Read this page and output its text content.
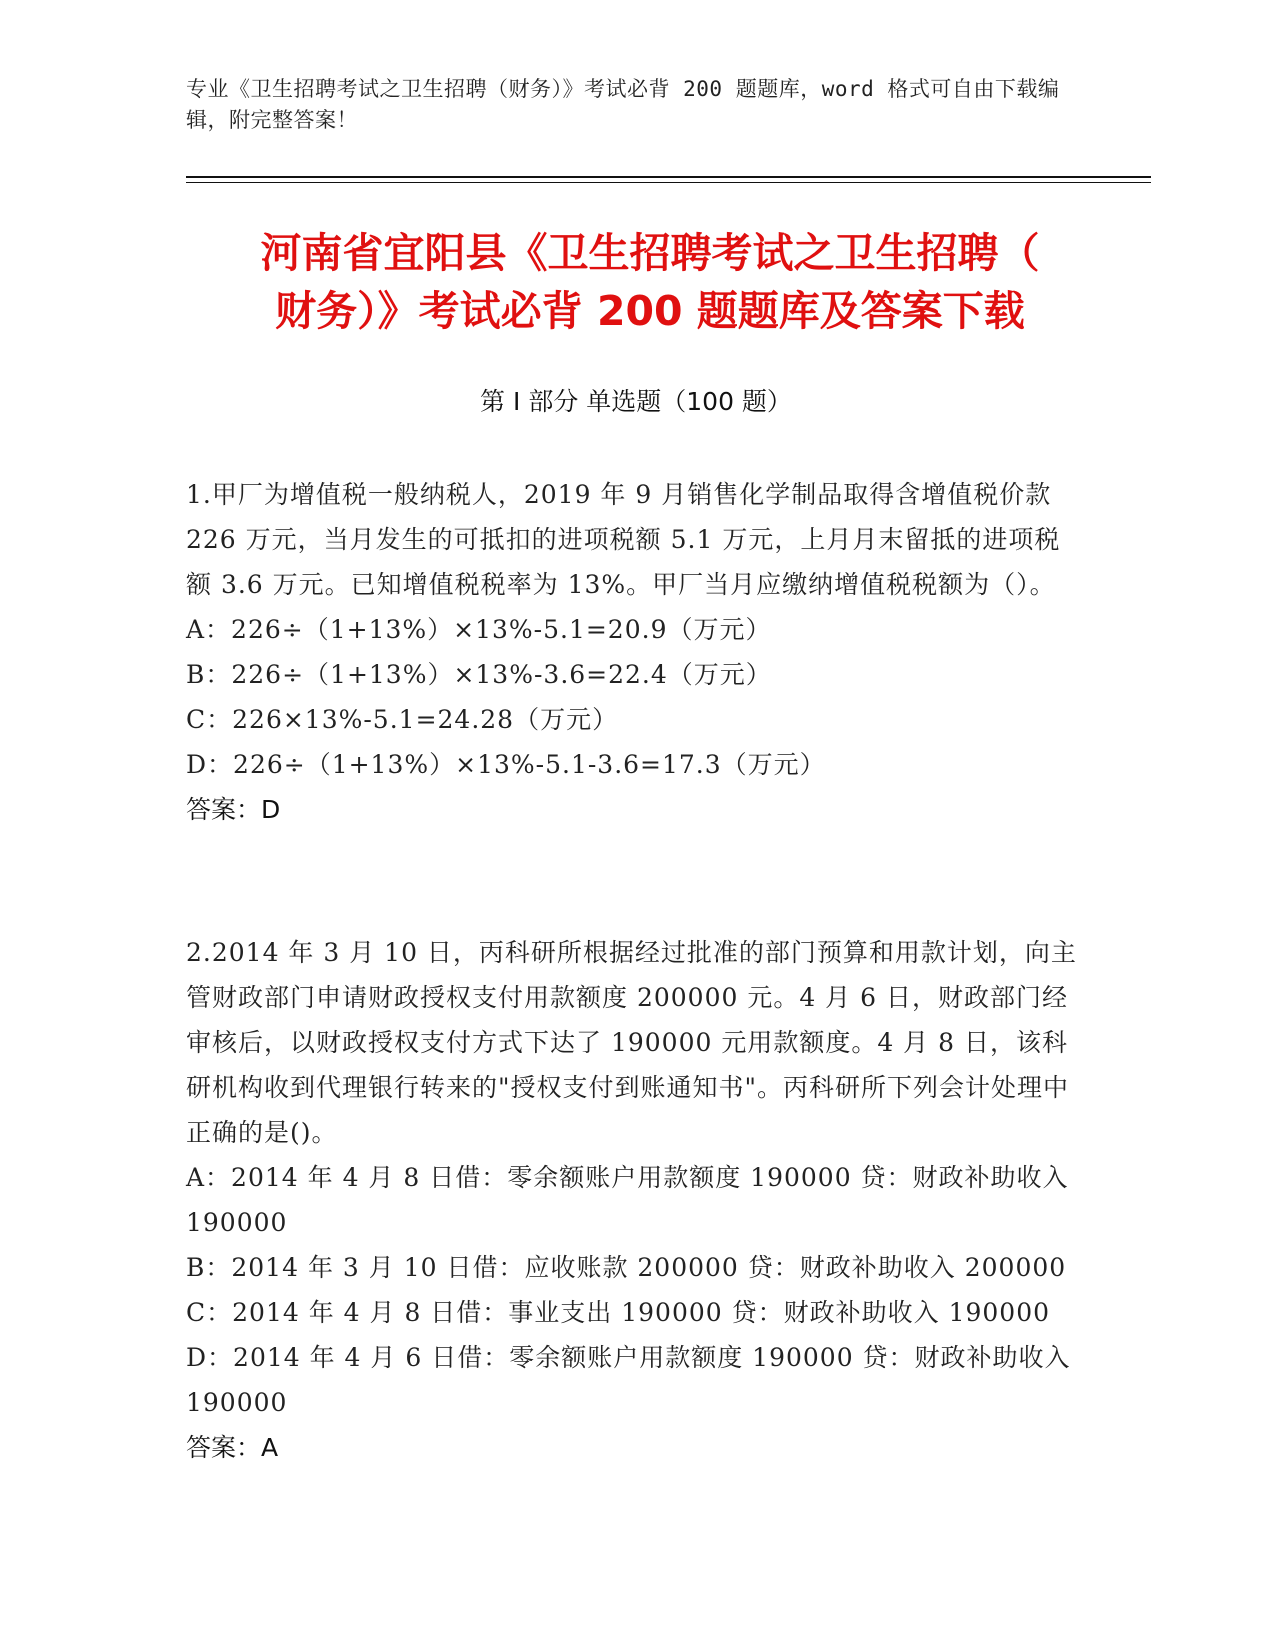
专业《卫生招聘考试之卫生招聘（财务）》考试必背 200 题题库，word 格式可自由下载编辑，附完整答案！
河南省宜阳县《卫生招聘考试之卫生招聘（
财务）》考试必背 200 题题库及答案下载
第 I 部分 单选题（100 题）

1.甲厂为增值税一般纳税人，2019 年 9 月销售化学制品取得含增值税价款 226 万元，当月发生的可抵扣的进项税额 5.1 万元，上月月末留抵的进项税额 3.6 万元。已知增值税税率为 13%。甲厂当月应缴纳增值税税额为（）。

A：226÷（1+13%）×13%-5.1=20.9（万元）

B：226÷（1+13%）×13%-3.6=22.4（万元）

C：226×13%-5.1=24.28（万元）

D：226÷（1+13%）×13%-5.1-3.6=17.3（万元）

答案：D

2.2014 年 3 月 10 日，丙科研所根据经过批准的部门预算和用款计划，向主管财政部门申请财政授权支付用款额度 200000 元。4 月 6 日，财政部门经审核后，以财政授权支付方式下达了 190000 元用款额度。4 月 8 日，该科研机构收到代理银行转来的"授权支付到账通知书"。丙科研所下列会计处理中正确的是()。

A：2014 年 4 月 8 日借：零余额账户用款额度 190000 贷：财政补助收入 190000

B：2014 年 3 月 10 日借：应收账款 200000 贷：财政补助收入 200000

C：2014 年 4 月 8 日借：事业支出 190000 贷：财政补助收入 190000

D：2014 年 4 月 6 日借：零余额账户用款额度 190000 贷：财政补助收入 190000

答案：A
